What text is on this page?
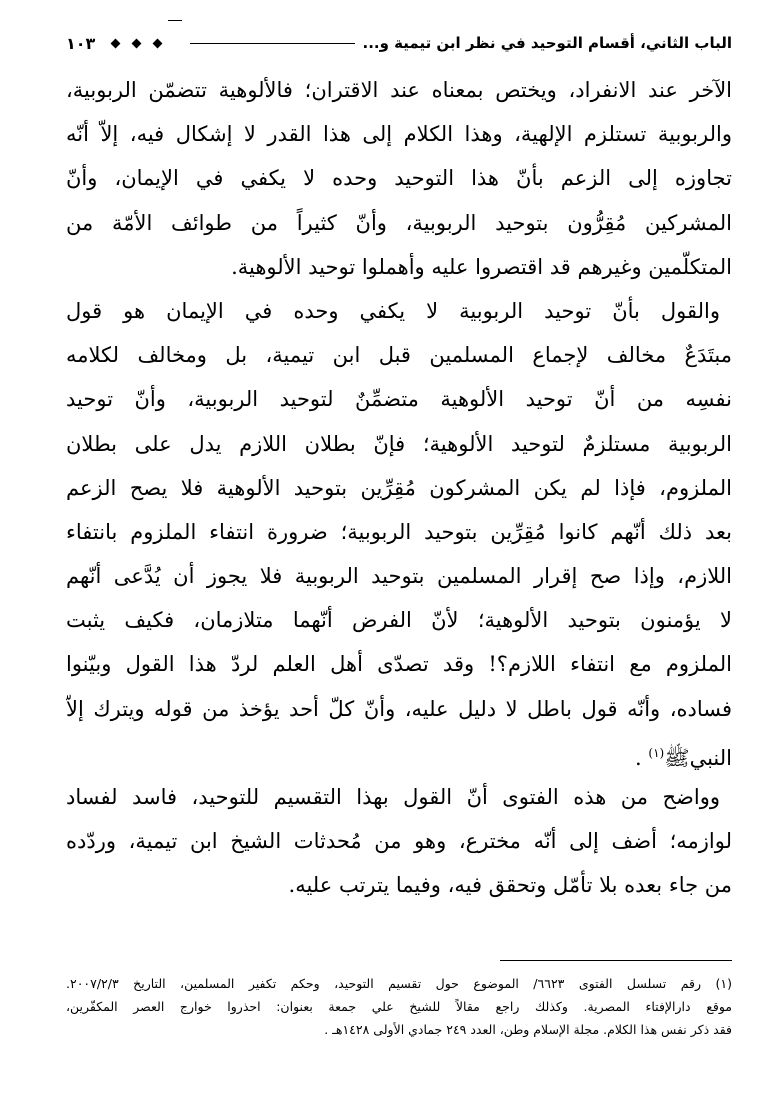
الباب الثاني، أقسام التوحيد في نظر ابن تيمية و...
١٠٣
الآخر عند الانفراد، ويختص بمعناه عند الاقتران؛ فالألوهية تتضمّن الربوبية،
والربوبية تستلزم الإلهية، وهذا الكلام إلى هذا القدر لا إشكال فيه، إلاّ أنّه
تجاوزه إلى الزعم بأنّ هذا التوحيد وحده لا يكفي في الإيمان، وأنّ
المشركين مُقِرُّون بتوحيد الربوبية، وأنّ كثيراً من طوائف الأمّة من
المتكلّمين وغيرهم قد اقتصروا عليه وأهملوا توحيد الألوهية.
والقول بأنّ توحيد الربوبية لا يكفي وحده في الإيمان هو قول
مبتَدَعٌ مخالف لإجماع المسلمين قبل ابن تيمية، بل ومخالف لكلامه
نفسِه من أنّ توحيد الألوهية متضمِّنٌ لتوحيد الربوبية، وأنّ توحيد
الربوبية مستلزمٌ لتوحيد الألوهية؛ فإنّ بطلان اللازم يدل على بطلان
الملزوم، فإذا لم يكن المشركون مُقِرِّين بتوحيد الألوهية فلا يصح الزعم
بعد ذلك أنّهم كانوا مُقِرِّين بتوحيد الربوبية؛ ضرورة انتفاء الملزوم بانتفاء
اللازم، وإذا صح إقرار المسلمين بتوحيد الربوبية فلا يجوز أن يُدَّعى أنّهم
لا يؤمنون بتوحيد الألوهية؛ لأنّ الفرض أنّهما متلازمان، فكيف يثبت
الملزوم مع انتفاء اللازم؟! وقد تصدّى أهل العلم لردّ هذا القول وبيّنوا
فساده، وأنّه قول باطل لا دليل عليه، وأنّ كلّ أحد يؤخذ من قوله ويترك إلاّ
النبيﷺ$^{(١)}$ .
وواضح من هذه الفتوى أنّ القول بهذا التقسيم للتوحيد، فاسد لفساد
لوازمه؛ أضف إلى أنّه مخترع، وهو من مُحدثات الشيخ ابن تيمية، وردّده
من جاء بعده بلا تأمّل وتحقق فيه، وفيما يترتب عليه.
(١) رقم تسلسل الفتوى ٦٦٢٣/ الموضوع حول تقسيم التوحيد، وحكم تكفير المسلمين، التاريخ ٢٠٠٧/٢/٣.
موقع دارالإفتاء المصرية. وكذلك راجع مقالاً للشيخ علي جمعة بعنوان: احذروا خوارج العصر المكفّرين،
فقد ذكر نفس هذا الكلام. مجلة الإسلام وطن، العدد ٢٤٩ جمادي الأولى ١٤٢٨هـ .
